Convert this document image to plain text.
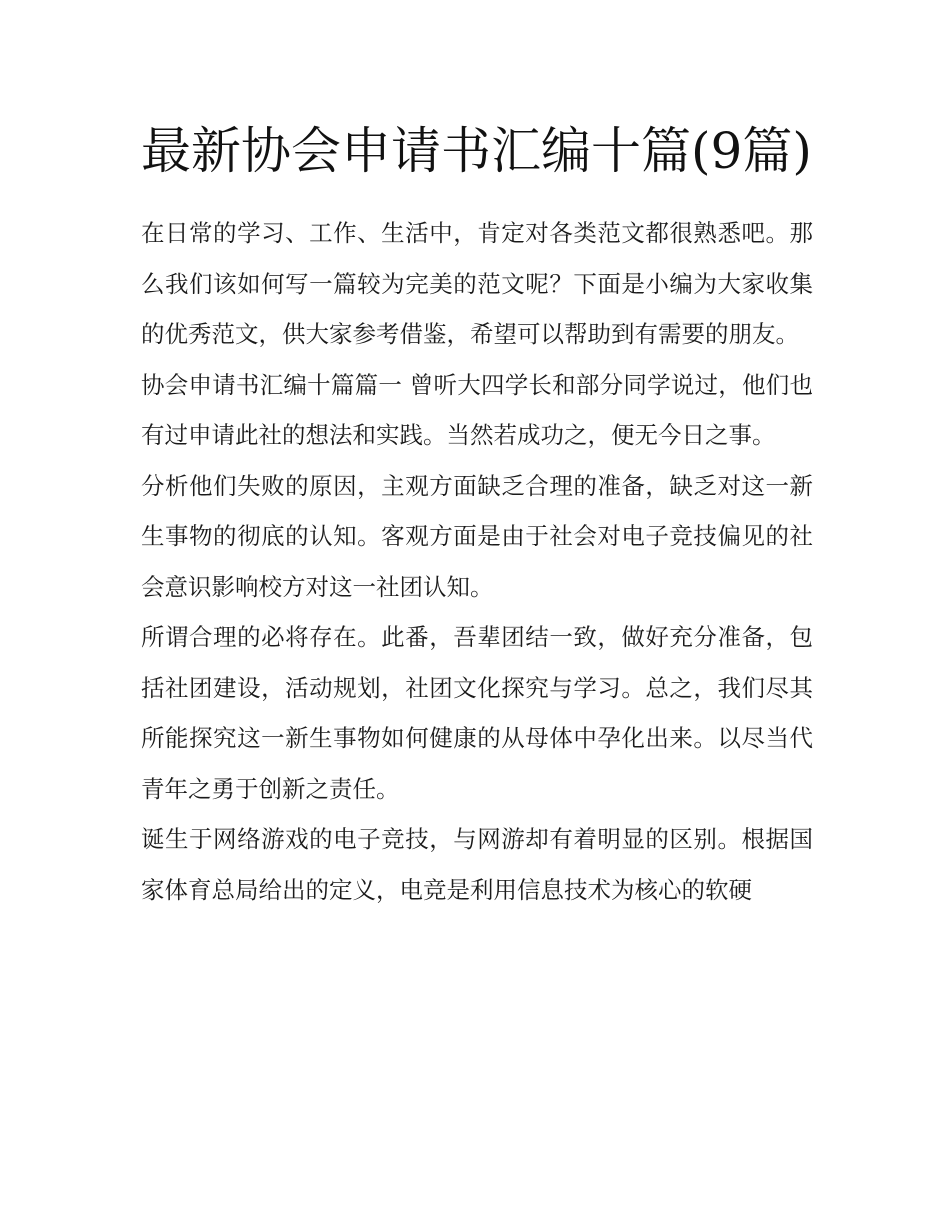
最新协会申请书汇编十篇(9篇)

在日常的学习、工作、生活中，肯定对各类范文都很熟悉吧。那么我们该如何写一篇较为完美的范文呢？下面是小编为大家收集的优秀范文，供大家参考借鉴，希望可以帮助到有需要的朋友。

协会申请书汇编十篇篇一 曾听大四学长和部分同学说过，他们也有过申请此社的想法和实践。当然若成功之，便无今日之事。

分析他们失败的原因，主观方面缺乏合理的准备，缺乏对这一新生事物的彻底的认知。客观方面是由于社会对电子竞技偏见的社会意识影响校方对这一社团认知。

所谓合理的必将存在。此番，吾辈团结一致，做好充分准备，包括社团建设，活动规划，社团文化探究与学习。总之，我们尽其所能探究这一新生事物如何健康的从母体中孕化出来。以尽当代青年之勇于创新之责任。

诞生于网络游戏的电子竞技，与网游却有着明显的区别。根据国家体育总局给出的定义，电竞是利用信息技术为核心的软硬
